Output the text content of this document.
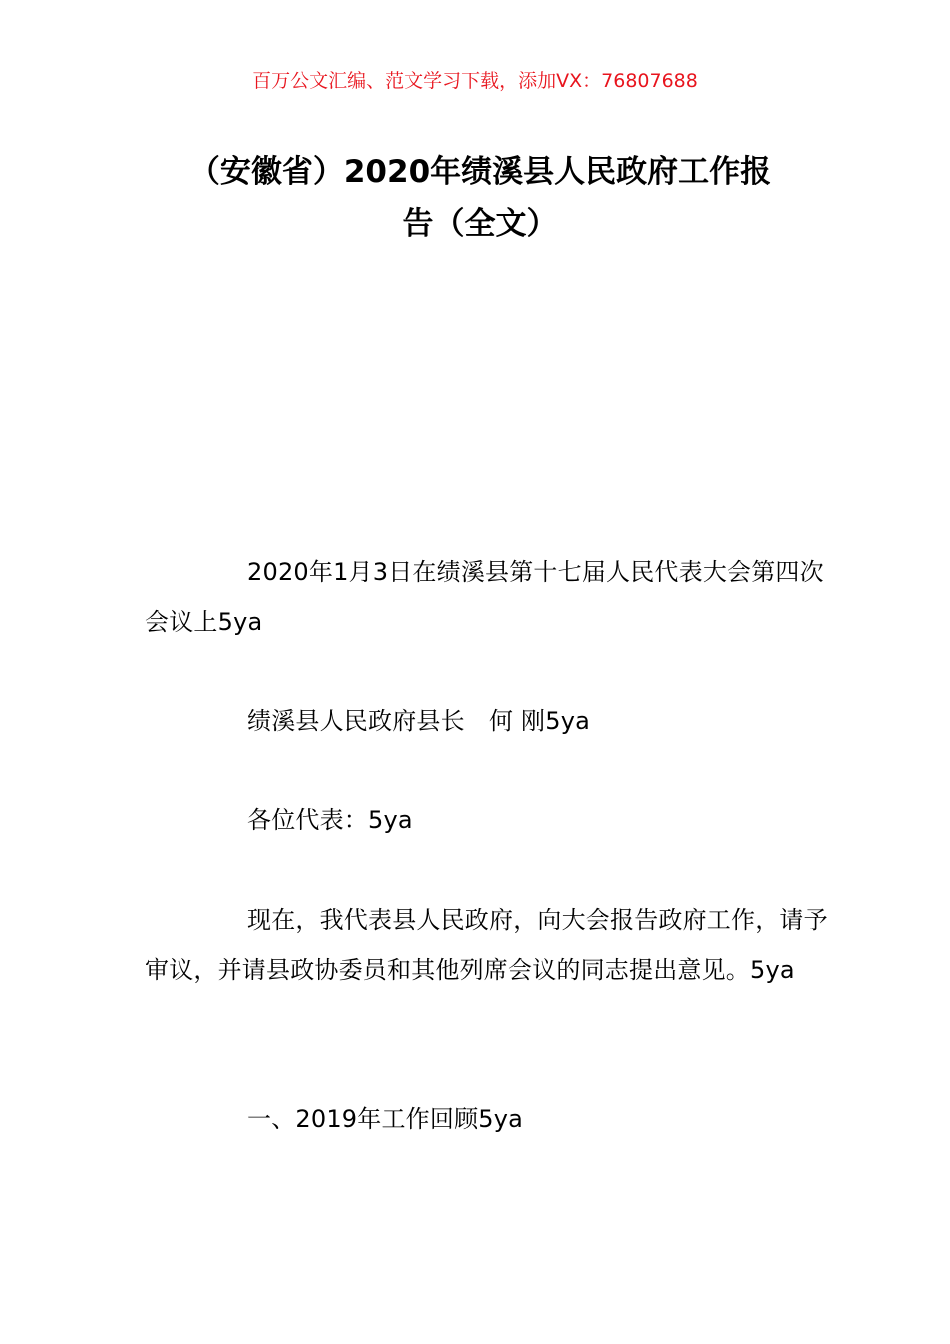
百万公文汇编、范文学习下载，添加VX：76807688
（安徽省）2020年绩溪县人民政府工作报
告（全文）

2020年1月3日在绩溪县第十七届人民代表大会第四次会议上5ya

绩溪县人民政府县长　何 刚5ya

各位代表：5ya

现在，我代表县人民政府，向大会报告政府工作，请予审议，并请县政协委员和其他列席会议的同志提出意见。5ya

一、2019年工作回顾5ya
